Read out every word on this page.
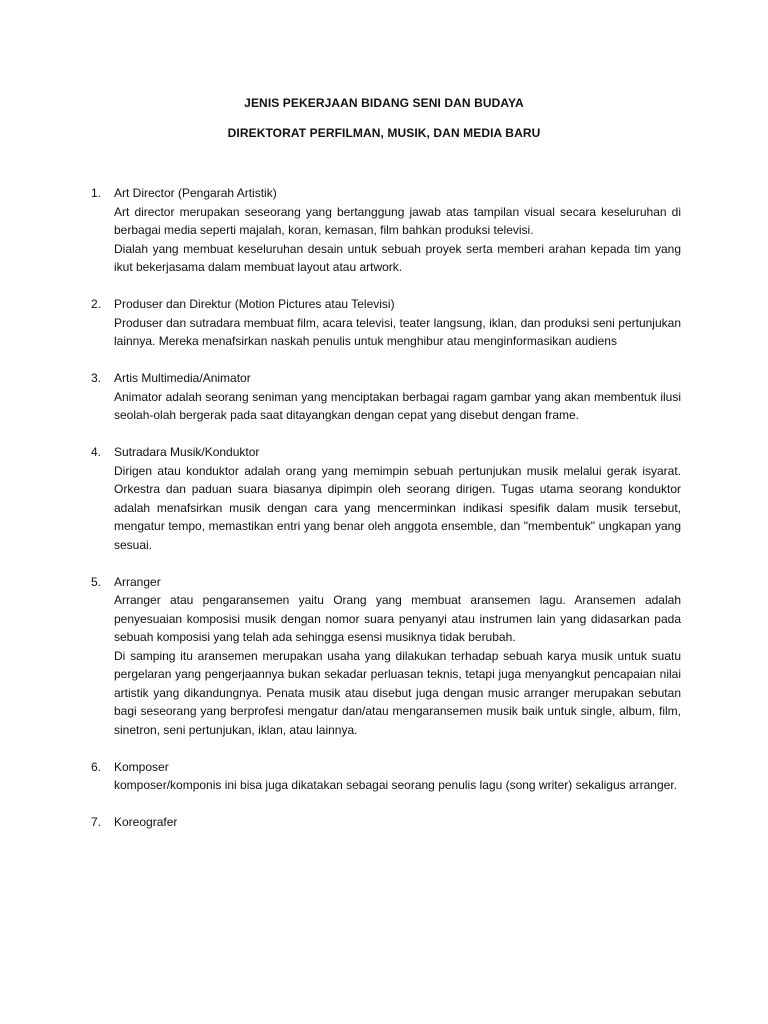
JENIS PEKERJAAN BIDANG SENI DAN BUDAYA
DIREKTORAT PERFILMAN, MUSIK, DAN MEDIA BARU
1. Art Director (Pengarah Artistik)
Art director merupakan seseorang yang bertanggung jawab atas tampilan visual secara keseluruhan di berbagai media seperti majalah, koran, kemasan, film bahkan produksi televisi.
Dialah yang membuat keseluruhan desain untuk sebuah proyek serta memberi arahan kepada tim yang ikut bekerjasama dalam membuat layout atau artwork.
2. Produser dan Direktur (Motion Pictures atau Televisi)
Produser dan sutradara membuat film, acara televisi, teater langsung, iklan, dan produksi seni pertunjukan lainnya. Mereka menafsirkan naskah penulis untuk menghibur atau menginformasikan audiens
3. Artis Multimedia/Animator
Animator adalah seorang seniman yang menciptakan berbagai ragam gambar yang akan membentuk ilusi seolah-olah bergerak pada saat ditayangkan dengan cepat yang disebut dengan frame.
4. Sutradara Musik/Konduktor
Dirigen atau konduktor adalah orang yang memimpin sebuah pertunjukan musik melalui gerak isyarat. Orkestra dan paduan suara biasanya dipimpin oleh seorang dirigen. Tugas utama seorang konduktor adalah menafsirkan musik dengan cara yang mencerminkan indikasi spesifik dalam musik tersebut, mengatur tempo, memastikan entri yang benar oleh anggota ensemble, dan "membentuk" ungkapan yang sesuai.
5. Arranger
Arranger atau pengaransemen yaitu Orang yang membuat aransemen lagu. Aransemen adalah penyesuaian komposisi musik dengan nomor suara penyanyi atau instrumen lain yang didasarkan pada sebuah komposisi yang telah ada sehingga esensi musiknya tidak berubah.
Di samping itu aransemen merupakan usaha yang dilakukan terhadap sebuah karya musik untuk suatu pergelaran yang pengerjaannya bukan sekadar perluasan teknis, tetapi juga menyangkut pencapaian nilai artistik yang dikandungnya. Penata musik atau disebut juga dengan music arranger merupakan sebutan bagi seseorang yang berprofesi mengatur dan/atau mengaransemen musik baik untuk single, album, film, sinetron, seni pertunjukan, iklan, atau lainnya.
6. Komposer
komposer/komponis ini bisa juga dikatakan sebagai seorang penulis lagu (song writer) sekaligus arranger.
7. Koreografer
